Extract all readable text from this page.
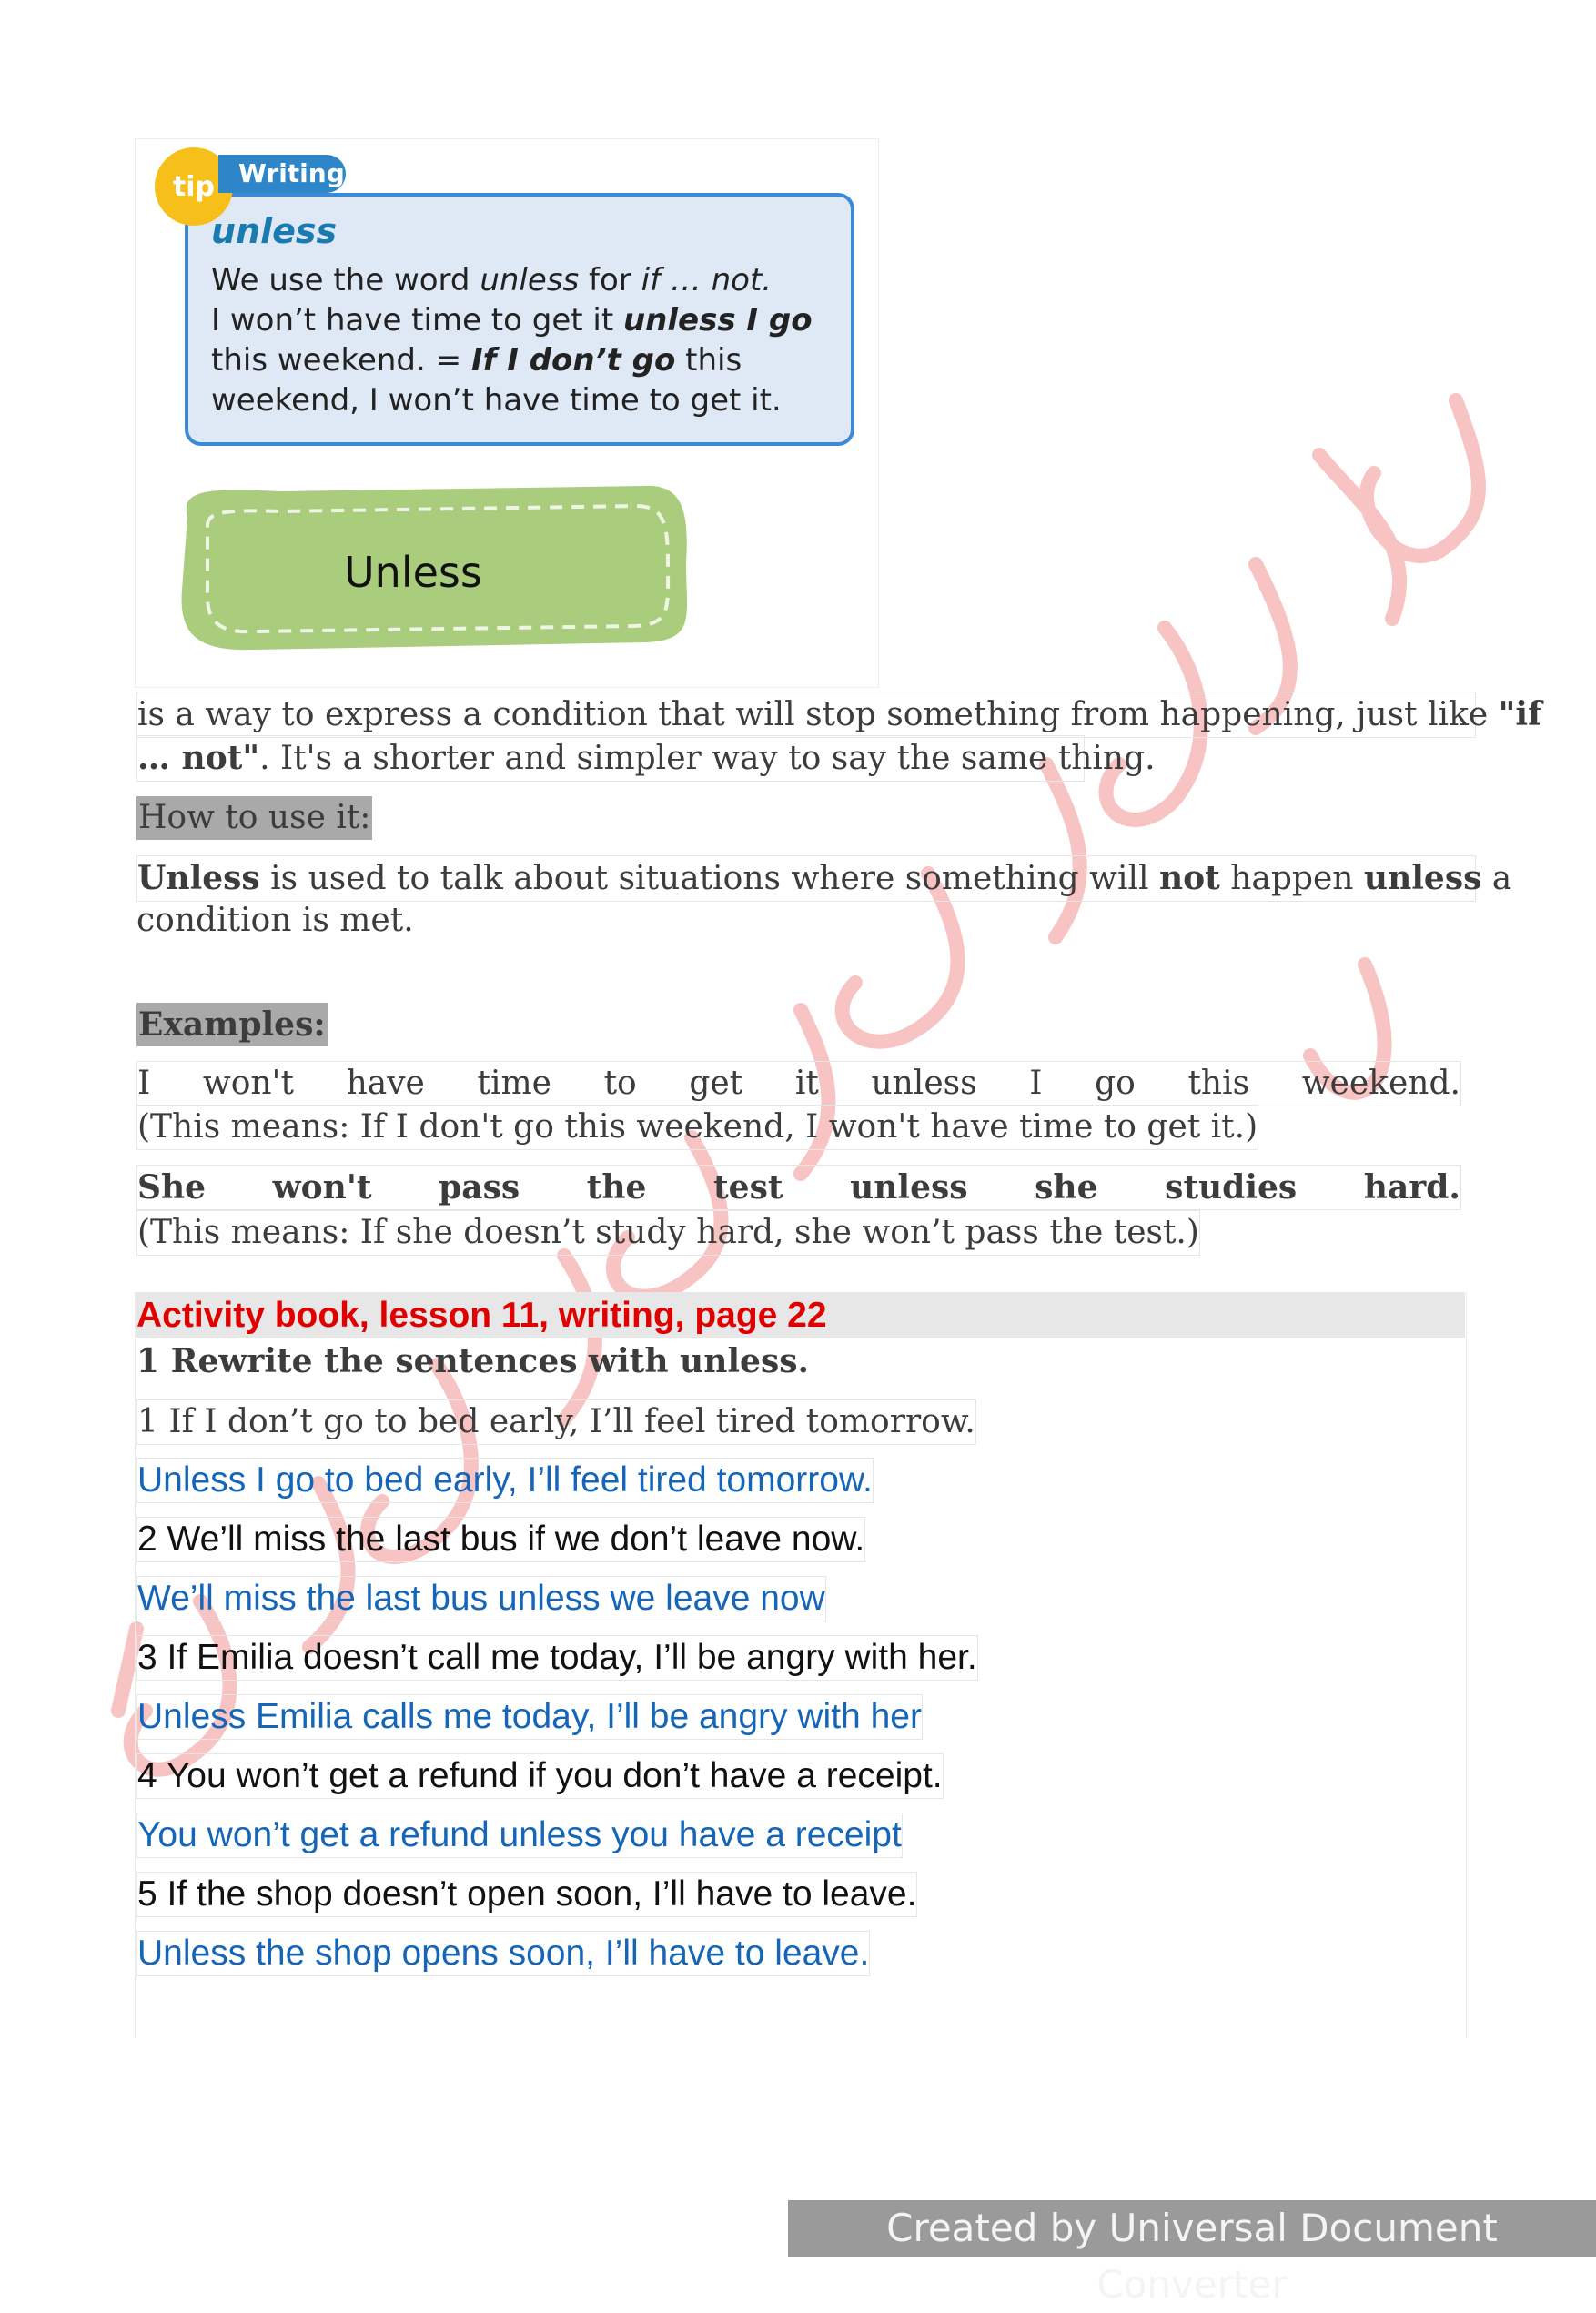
tip Writing
unless
We use the word unless for if … not.
I won’t have time to get it unless I go
this weekend. = If I don’t go this
weekend, I won’t have time to get it.
Unless
is a way to express a condition that will stop something from happening, just like "if
… not". It's a shorter and simpler way to say the same thing.
How to use it:
Unless is used to talk about situations where something will not happen unless a
condition is met.
Examples:
I won't have time to get it unless I go this weekend.
(This means: If I don't go this weekend, I won't have time to get it.)
She won't pass the test unless she studies hard.
(This means: If she doesn’t study hard, she won’t pass the test.)
Activity book, lesson 11, writing, page 22
1 Rewrite the sentences with unless.
1 If I don’t go to bed early, I’ll feel tired tomorrow.
Unless I go to bed early, I’ll feel tired tomorrow.
2 We’ll miss the last bus if we don’t leave now.
We’ll miss the last bus unless we leave now
3 If Emilia doesn’t call me today, I’ll be angry with her.
Unless Emilia calls me today, I’ll be angry with her
4 You won’t get a refund if you don’t have a receipt.
You won’t get a refund unless you have a receipt
5 If the shop doesn’t open soon, I’ll have to leave.
Unless the shop opens soon, I’ll have to leave.
Created by Universal Document Converter
